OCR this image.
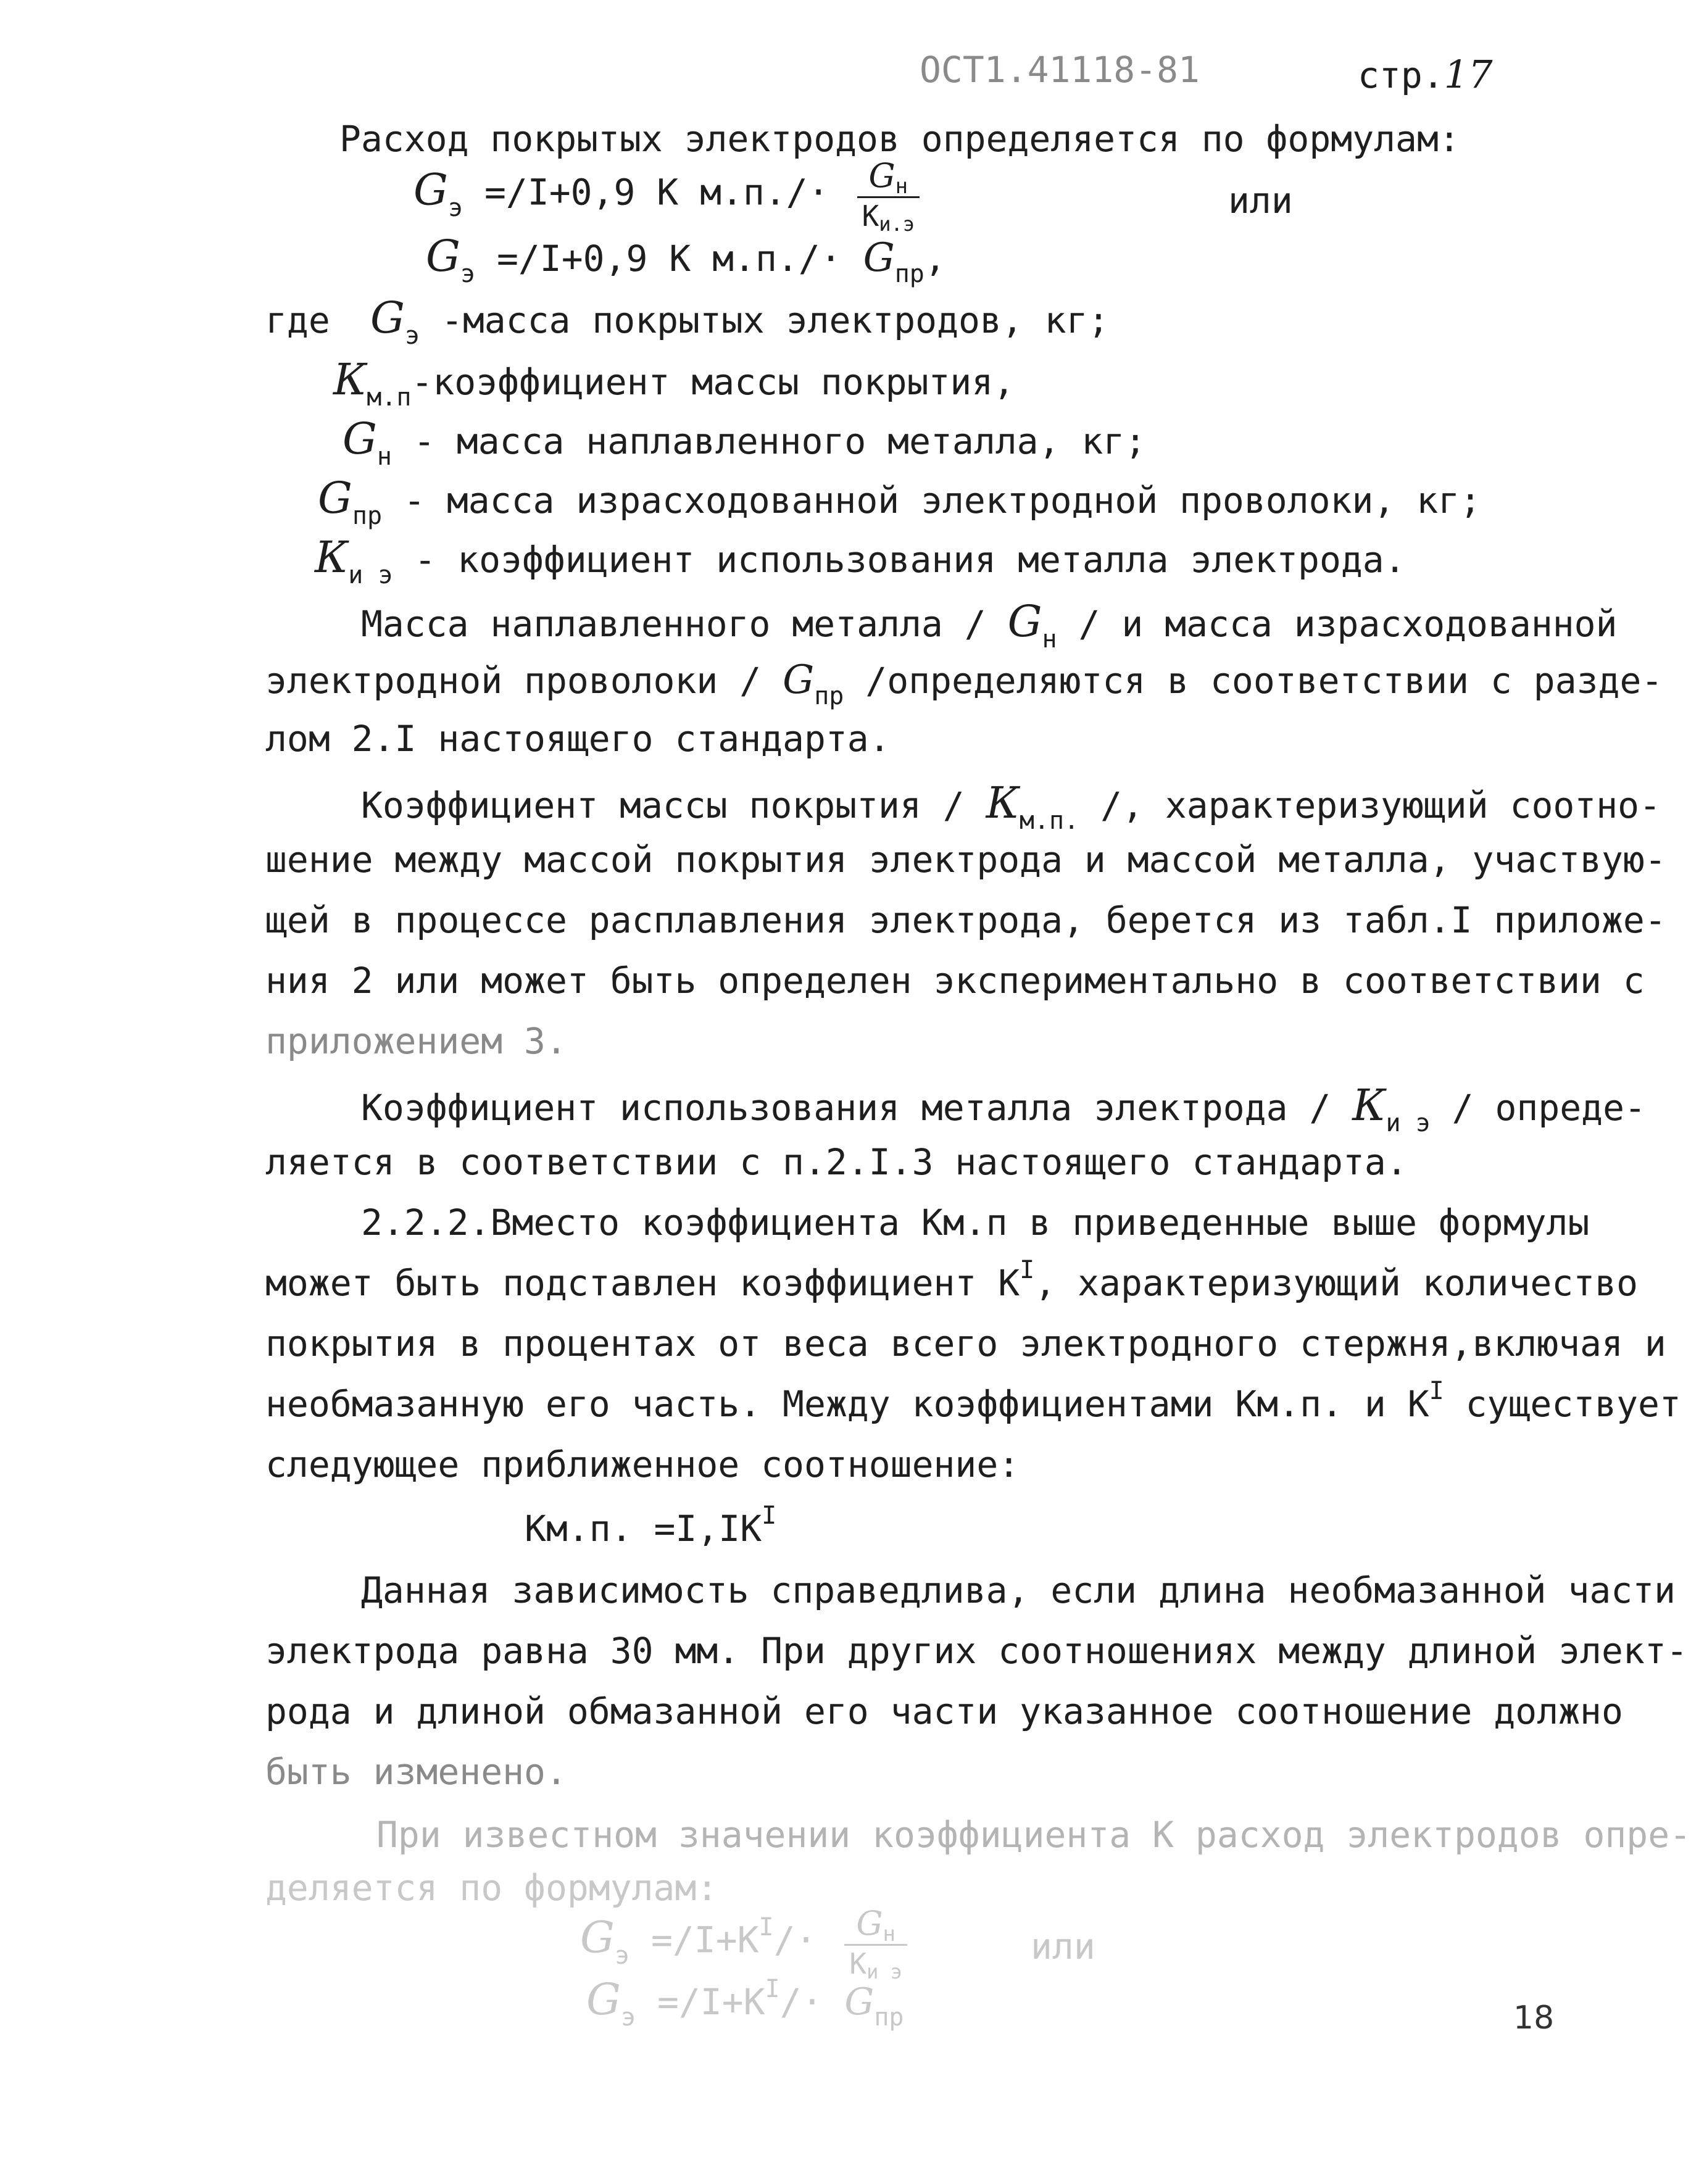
ОСТ1.41118-81	стр.17
Расход покрытых электродов определяется по формулам:
$G_э =/I+0,9$ К $м.п./\cdot \frac{Gн}{Ки.э}$	или
$G_э =/I+0,9$ К $м.п./\cdot G_{пр}$,
где $G_э$ -масса покрытых электродов, кг;
$К_{м.п}$-коэффициент массы покрытия,
$G_н$ - масса наплавленного металла, кг;
$G_{пр}$ - масса израсходованной электродной проволоки, кг;
$К_{и э}$ - коэффициент использования металла электрода.
Масса наплавленного металла / $G_н$ / и масса израсходованной
электродной проволоки / $G_{пр}$ /определяются в соответствии с разде-
лом 2.I настоящего стандарта.
Коэффициент массы покрытия / $К_{м.п.}$ /, характеризующий соотно-
шение между массой покрытия электрода и массой металла, участвую-
щей в процессе расплавления электрода, берется из табл.I приложе-
ния 2 или может быть определен экспериментально в соответствии с
приложением 3.
Коэффициент использования металла электрода / $К_{и э}$ / опреде-
ляется в соответствии с п.2.I.3 настоящего стандарта.
2.2.2.Вместо коэффициента Км.п в приведенные выше формулы
может быть подставлен коэффициент $К^I$, характеризующий количество
покрытия в процентах от веса всего электродного стержня,включая и
необмазанную его часть. Между коэффициентами Км.п. и $К^I$ существует
следующее приближенное соотношение:
Км.п. $=I,IК^I$
Данная зависимость справедлива, если длина необмазанной части
электрода равна 30 мм. При других соотношениях между длиной элект-
рода и длиной обмазанной его части указанное соотношение должно
быть изменено.
При известном значении коэффициента К расход электродов опре-
деляется по формулам:
$G_э =/I+К^I/\cdot \frac{Gн}{\text{Ки э}}$	или
$G_э =/I+К^I/\cdot G_{пр}$	18
